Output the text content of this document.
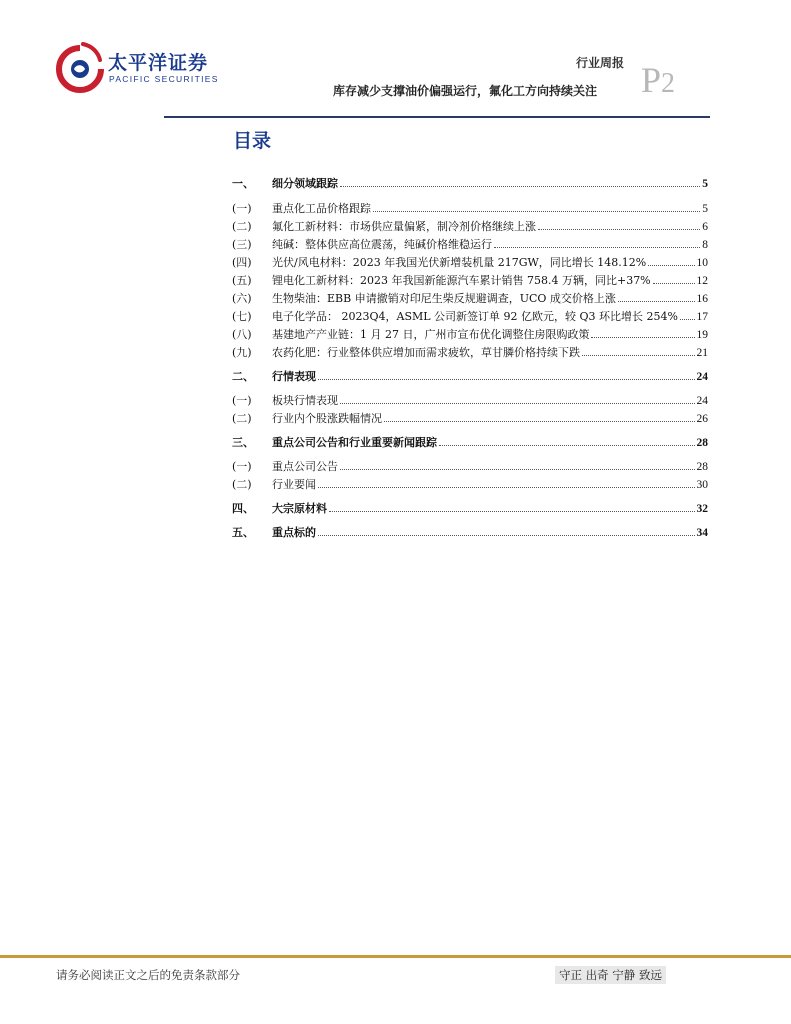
太平洋证券
PACIFIC SECURITIES
行业周报
库存减少支撑油价偏强运行，氟化工方向持续关注 P2
目录
一、	细分领域跟踪	5
(一)	重点化工品价格跟踪	5
(二)	氟化工新材料：市场供应量偏紧，制冷剂价格继续上涨	6
(三)	纯碱：整体供应高位震荡，纯碱价格维稳运行	8
(四)	光伏/风电材料：2023 年我国光伏新增装机量 217GW，同比增长 148.12%	10
(五)	锂电化工新材料：2023 年我国新能源汽车累计销售 758.4 万辆，同比+37%	12
(六)	生物柴油：EBB 申请撤销对印尼生柴反规避调查，UCO 成交价格上涨	16
(七)	电子化学品： 2023Q4，ASML 公司新签订单 92 亿欧元，较 Q3 环比增长 254% 17
(八)	基建地产产业链：1 月 27 日，广州市宣布优化调整住房限购政策	19
(九)	农药化肥：行业整体供应增加而需求疲软，草甘膦价格持续下跌	21
二、	行情表现	24
(一)	板块行情表现	24
(二)	行业内个股涨跌幅情况	26
三、	重点公司公告和行业重要新闻跟踪	28
(一)	重点公司公告	28
(二)	行业要闻	30
四、	大宗原材料	32
五、	重点标的	34
请务必阅读正文之后的免责条款部分	守正 出奇 宁静 致远
